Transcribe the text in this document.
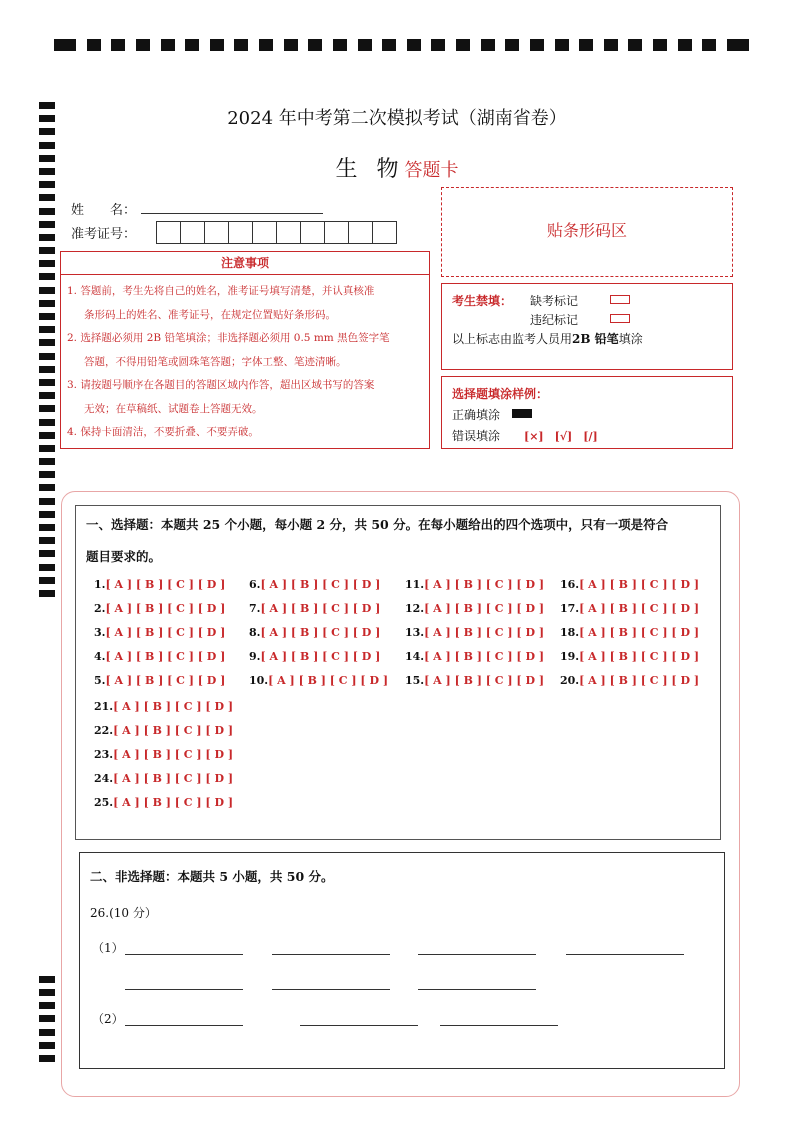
2024 年中考第二次模拟考试（湖南省卷）
生 物答题卡
姓　　名：
准考证号：
注意事项
1. 答题前，考生先将自己的姓名，准考证号填写清楚，并认真核准
条形码上的姓名、准考证号，在规定位置贴好条形码。
2. 选择题必须用 2B 铅笔填涂；非选择题必须用 0.5 mm 黑色签字笔
答题，不得用铅笔或圆珠笔答题；字体工整、笔迹清晰。
3. 请按题号顺序在各题目的答题区域内作答，超出区域书写的答案
无效；在草稿纸、试题卷上答题无效。
4. 保持卡面清洁，不要折叠、不要弄破。
贴条形码区
考生禁填： 缺考标记
违纪标记
以上标志由监考人员用2B 铅笔填涂
选择题填涂样例：
正确填涂
错误填涂 [×]　[√]　[/]
一、选择题：本题共 25 个小题，每小题 2 分，共 50 分。在每小题给出的四个选项中，只有一项是符合
题目要求的。
1.[ A ] [ B ] [ C ] [ D ]
2.[ A ] [ B ] [ C ] [ D ]
3.[ A ] [ B ] [ C ] [ D ]
4.[ A ] [ B ] [ C ] [ D ]
5.[ A ] [ B ] [ C ] [ D ]
6.[ A ] [ B ] [ C ] [ D ]
7.[ A ] [ B ] [ C ] [ D ]
8.[ A ] [ B ] [ C ] [ D ]
9.[ A ] [ B ] [ C ] [ D ]
10.[ A ] [ B ] [ C ] [ D ]
11.[ A ] [ B ] [ C ] [ D ]
12.[ A ] [ B ] [ C ] [ D ]
13.[ A ] [ B ] [ C ] [ D ]
14.[ A ] [ B ] [ C ] [ D ]
15.[ A ] [ B ] [ C ] [ D ]
16.[ A ] [ B ] [ C ] [ D ]
17.[ A ] [ B ] [ C ] [ D ]
18.[ A ] [ B ] [ C ] [ D ]
19.[ A ] [ B ] [ C ] [ D ]
20.[ A ] [ B ] [ C ] [ D ]
21.[ A ] [ B ] [ C ] [ D ]
22.[ A ] [ B ] [ C ] [ D ]
23.[ A ] [ B ] [ C ] [ D ]
24.[ A ] [ B ] [ C ] [ D ]
25.[ A ] [ B ] [ C ] [ D ]
二、非选择题：本题共 5 小题，共 50 分。
26.(10 分）
（1）
（2）
